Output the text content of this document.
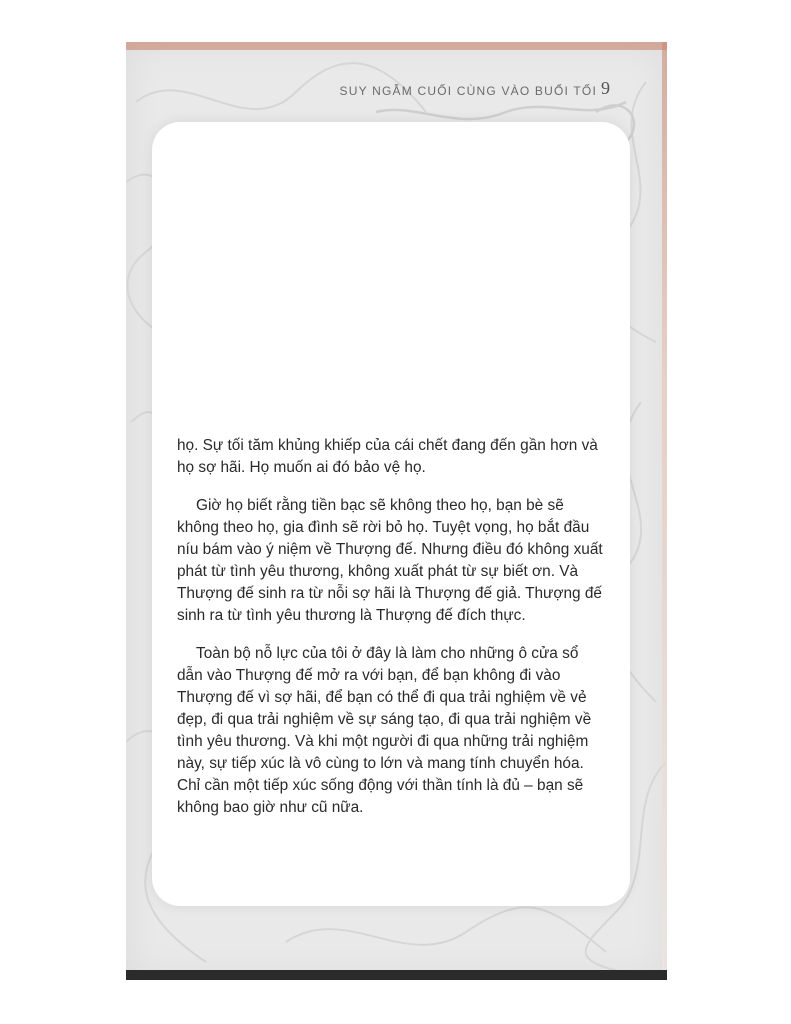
SUY NGẪM CUỐI CÙNG VÀO BUỔI TỐI 9

họ. Sự tối tăm khủng khiếp của cái chết đang đến gần hơn và họ sợ hãi. Họ muốn ai đó bảo vệ họ.

Giờ họ biết rằng tiền bạc sẽ không theo họ, bạn bè sẽ không theo họ, gia đình sẽ rời bỏ họ. Tuyệt vọng, họ bắt đầu níu bám vào ý niệm về Thượng đế. Nhưng điều đó không xuất phát từ tình yêu thương, không xuất phát từ sự biết ơn. Và Thượng đế sinh ra từ nỗi sợ hãi là Thượng đế giả. Thượng đế sinh ra từ tình yêu thương là Thượng đế đích thực.

Toàn bộ nỗ lực của tôi ở đây là làm cho những ô cửa sổ dẫn vào Thượng đế mở ra với bạn, để bạn không đi vào Thượng đế vì sợ hãi, để bạn có thể đi qua trải nghiệm về vẻ đẹp, đi qua trải nghiệm về sự sáng tạo, đi qua trải nghiệm về tình yêu thương. Và khi một người đi qua những trải nghiệm này, sự tiếp xúc là vô cùng to lớn và mang tính chuyển hóa. Chỉ cần một tiếp xúc sống động với thần tính là đủ – bạn sẽ không bao giờ như cũ nữa.
